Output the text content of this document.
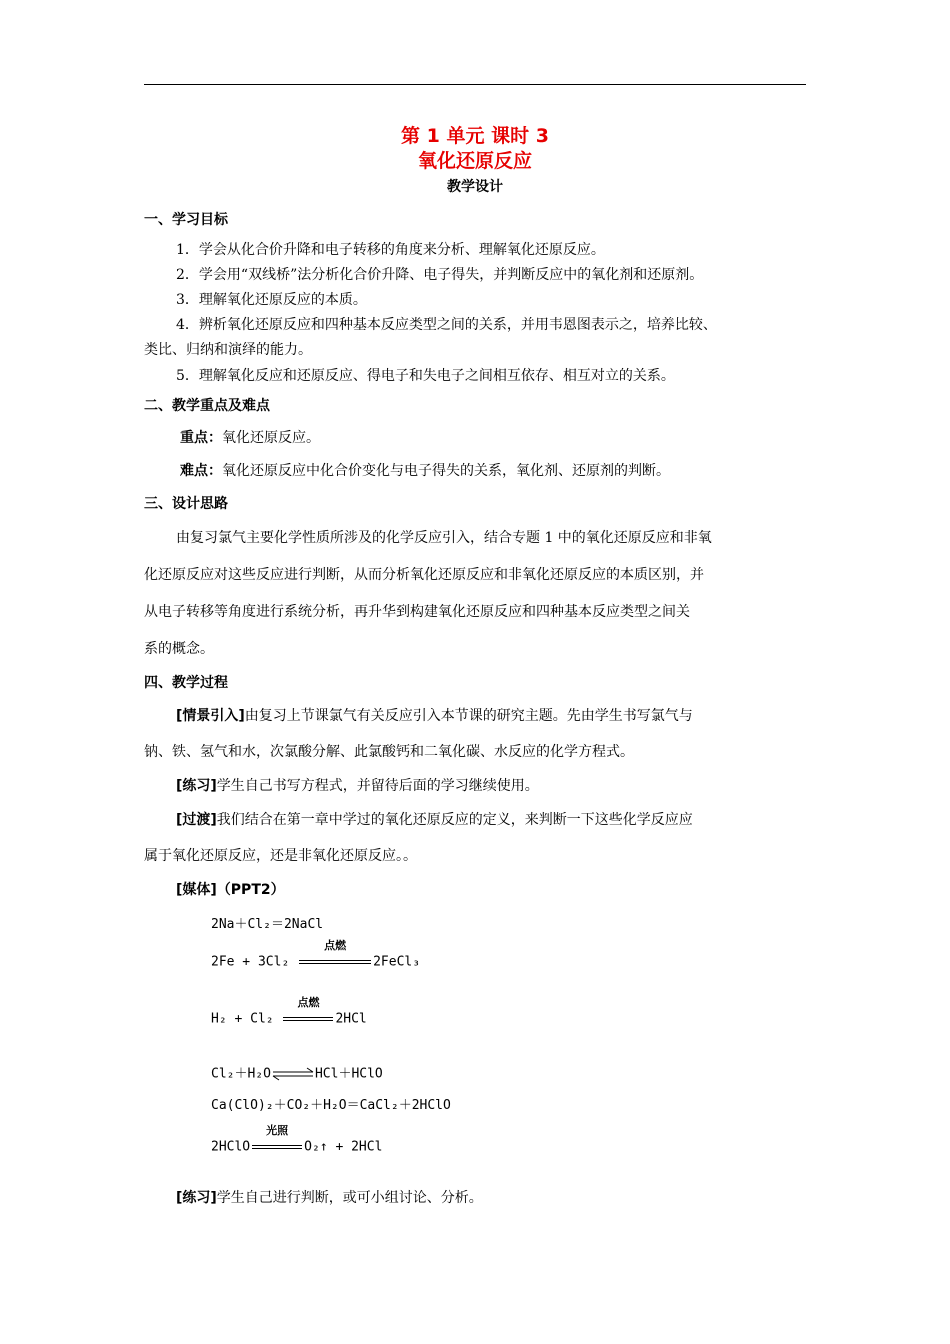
第 1 单元 课时 3
氧化还原反应
教学设计
一、学习目标
1．学会从化合价升降和电子转移的角度来分析、理解氧化还原反应。
2．学会用“双线桥”法分析化合价升降、电子得失，并判断反应中的氧化剂和还原剂。
3．理解氧化还原反应的本质。
4．辨析氧化还原反应和四种基本反应类型之间的关系，并用韦恩图表示之，培养比较、
类比、归纳和演绎的能力。
5．理解氧化反应和还原反应、得电子和失电子之间相互依存、相互对立的关系。
二、教学重点及难点
重点：氧化还原反应。
难点：氧化还原反应中化合价变化与电子得失的关系，氧化剂、还原剂的判断。
三、设计思路
由复习氯气主要化学性质所涉及的化学反应引入，结合专题 1 中的氧化还原反应和非氧
化还原反应对这些反应进行判断，从而分析氧化还原反应和非氧化还原反应的本质区别，并
从电子转移等角度进行系统分析，再升华到构建氧化还原反应和四种基本反应类型之间关
系的概念。
四、教学过程
[情景引入]由复习上节课氯气有关反应引入本节课的研究主题。先由学生书写氯气与
钠、铁、氢气和水，次氯酸分解、此氯酸钙和二氧化碳、水反应的化学方程式。
[练习]学生自己书写方程式，并留待后面的学习继续使用。
[过渡]我们结合在第一章中学过的氧化还原反应的定义，来判断一下这些化学反应应
属于氧化还原反应，还是非氧化还原反应。。
[媒体]（PPT2）
2Na＋Cl₂＝2NaCl
2Fe + 3Cl₂
点燃
2FeCl₃
H₂ + Cl₂
点燃
2HCl
Cl₂＋H₂O⇌HCl＋HClO
Ca(ClO)₂＋CO₂＋H₂O＝CaCl₂＋2HClO
2HClO
光照
O₂↑ + 2HCl
[练习]学生自己进行判断，或可小组讨论、分析。
